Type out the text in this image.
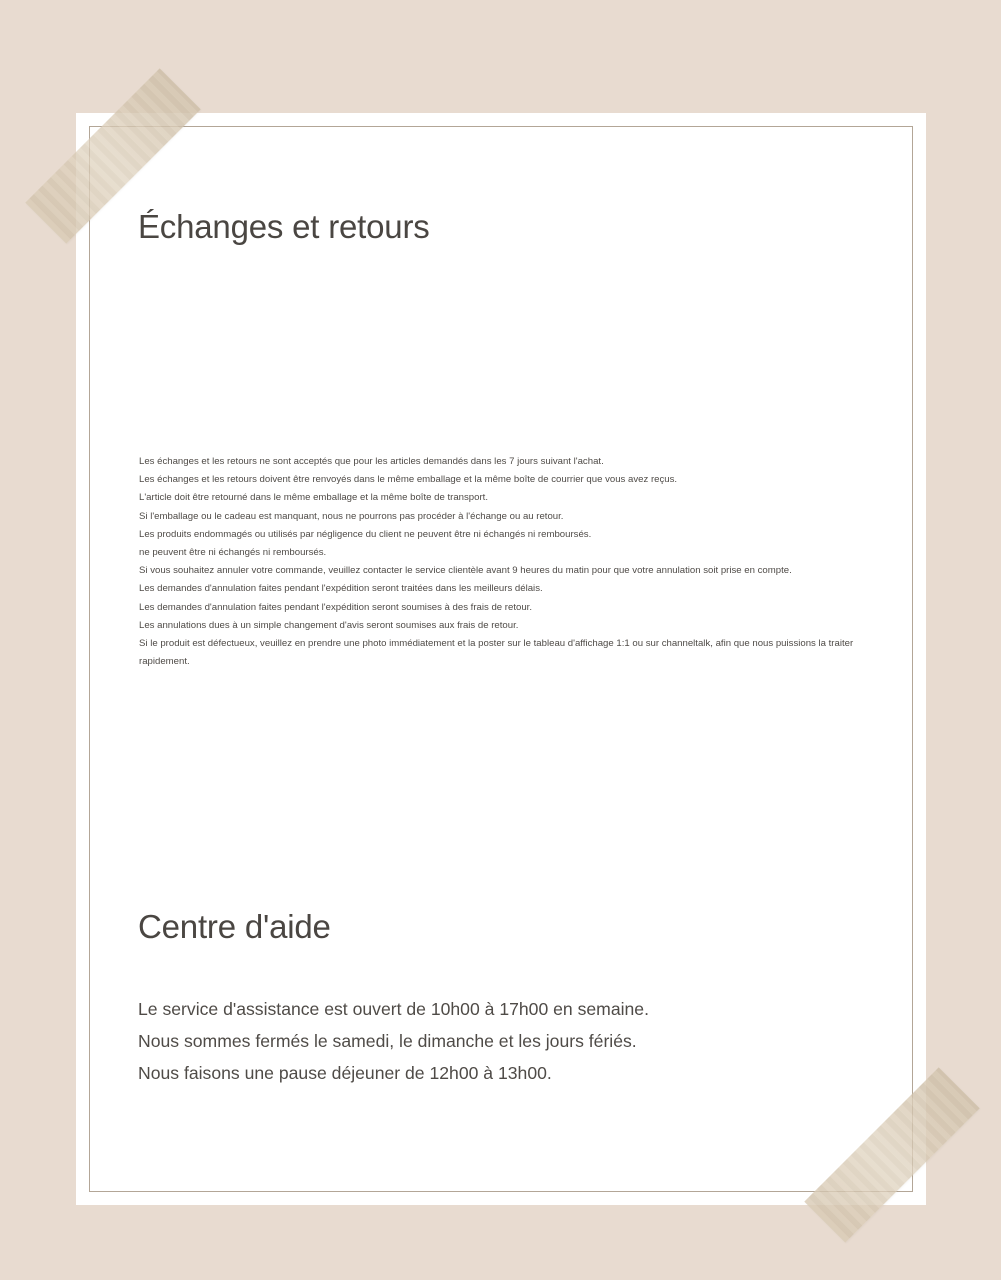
Échanges et retours
Les échanges et les retours ne sont acceptés que pour les articles demandés dans les 7 jours suivant l'achat.
Les échanges et les retours doivent être renvoyés dans le même emballage et la même boîte de courrier que vous avez reçus.
L'article doit être retourné dans le même emballage et la même boîte de transport.
Si l'emballage ou le cadeau est manquant, nous ne pourrons pas procéder à l'échange ou au retour.
Les produits endommagés ou utilisés par négligence du client ne peuvent être ni échangés ni remboursés.
ne peuvent être ni échangés ni remboursés.
Si vous souhaitez annuler votre commande, veuillez contacter le service clientèle avant 9 heures du matin pour que votre annulation soit prise en compte.
Les demandes d'annulation faites pendant l'expédition seront traitées dans les meilleurs délais.
Les demandes d'annulation faites pendant l'expédition seront soumises à des frais de retour.
Les annulations dues à un simple changement d'avis seront soumises aux frais de retour.
Si le produit est défectueux, veuillez en prendre une photo immédiatement et la poster sur le tableau d'affichage 1:1 ou sur channeltalk, afin que nous puissions la traiter rapidement.
Centre d'aide
Le service d'assistance est ouvert de 10h00 à 17h00 en semaine.
Nous sommes fermés le samedi, le dimanche et les jours fériés.
Nous faisons une pause déjeuner de 12h00 à 13h00.
